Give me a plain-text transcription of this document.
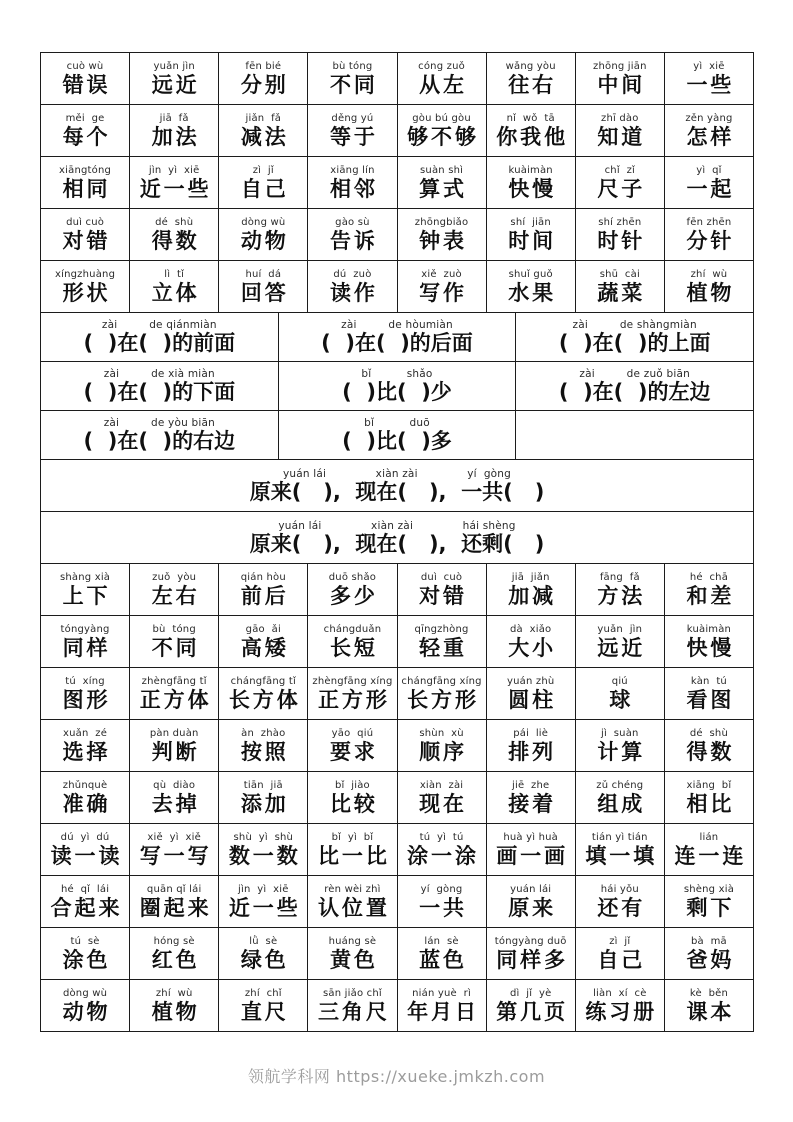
cuò wù
错误
yuǎn jìn
远近
fēn bié
分别
bù tóng
不同
cóng zuǒ
从左
wǎng yòu
往右
zhōng jiān
中间
yì  xiē
一些
měi  ge
每个
jiā  fǎ
加法
jiǎn  fǎ
减法
děng yú
等于
gòu bú gòu
够不够
nǐ  wǒ  tā
你我他
zhī dào
知道
zěn yàng
怎样
xiāngtóng
相同
jìn  yì  xiē
近一些
zì  jǐ
自己
xiāng lín
相邻
suàn shì
算式
kuàimàn
快慢
chǐ  zǐ
尺子
yì  qǐ
一起
duì cuò
对错
dé  shù
得数
dòng wù
动物
gào sù
告诉
zhōngbiǎo
钟表
shí  jiān
时间
shí zhēn
时针
fēn zhēn
分针
xíngzhuàng
形状
lì  tǐ
立体
huí  dá
回答
dú  zuò
读作
xiě  zuò
写作
shuǐ guǒ
水果
shū  cài
蔬菜
zhí  wù
植物
zài         de qiánmiàn
(  )在(  )的前面
zài         de hòumiàn
(  )在(  )的后面
zài         de shàngmiàn
(  )在(  )的上面
zài         de xià miàn
(  )在(  )的下面
bǐ          shǎo
(  )比(  )少
zài         de zuǒ biān
(  )在(  )的左边
zài         de yòu biān
(  )在(  )的右边
bǐ          duō
(  )比(  )多

yuán lái              xiàn zài              yí  gòng
原来(   ),  现在(   ),  一共(   )
yuán lái              xiàn zài              hái shèng
原来(   ),  现在(   ),  还剩(   )
shàng xià
上下
zuǒ  yòu
左右
qián hòu
前后
duō shǎo
多少
duì  cuò
对错
jiā  jiǎn
加减
fāng  fǎ
方法
hé  chā
和差
tóngyàng
同样
bù  tóng
不同
gāo  ǎi
高矮
chángduǎn
长短
qīngzhòng
轻重
dà  xiǎo
大小
yuǎn  jìn
远近
kuàimàn
快慢
tú  xíng
图形
zhèngfāng tǐ
正方体
chángfāng tǐ
长方体
zhèngfāng xíng
正方形
chángfāng xíng
长方形
yuán zhù
圆柱
qiú
球
kàn  tú
看图
xuǎn  zé
选择
pàn duàn
判断
àn  zhào
按照
yāo  qiú
要求
shùn  xù
顺序
pái  liè
排列
jì  suàn
计算
dé  shù
得数
zhǔnquè
准确
qù  diào
去掉
tiān  jiā
添加
bǐ  jiào
比较
xiàn  zài
现在
jiē  zhe
接着
zǔ chéng
组成
xiāng  bǐ
相比
dú  yì  dú
读一读
xiě  yì  xiě
写一写
shù  yì  shù
数一数
bǐ  yì  bǐ
比一比
tú  yì  tú
涂一涂
huà yì huà
画一画
tián yì tián
填一填
lián
连一连
hé  qǐ  lái
合起来
quān qǐ lái
圈起来
jìn  yì  xiē
近一些
rèn wèi zhì
认位置
yí  gòng
一共
yuán lái
原来
hái yǒu
还有
shèng xià
剩下
tú  sè
涂色
hóng sè
红色
lǜ  sè
绿色
huáng sè
黄色
lán  sè
蓝色
tóngyàng duō
同样多
zì  jǐ
自己
bà  mā
爸妈
dòng wù
动物
zhí  wù
植物
zhí  chǐ
直尺
sān jiǎo chǐ
三角尺
nián yuè  rì
年月日
dì  jǐ  yè
第几页
liàn  xí  cè
练习册
kè  běn
课本
领航学科网 https://xueke.jmkzh.com
